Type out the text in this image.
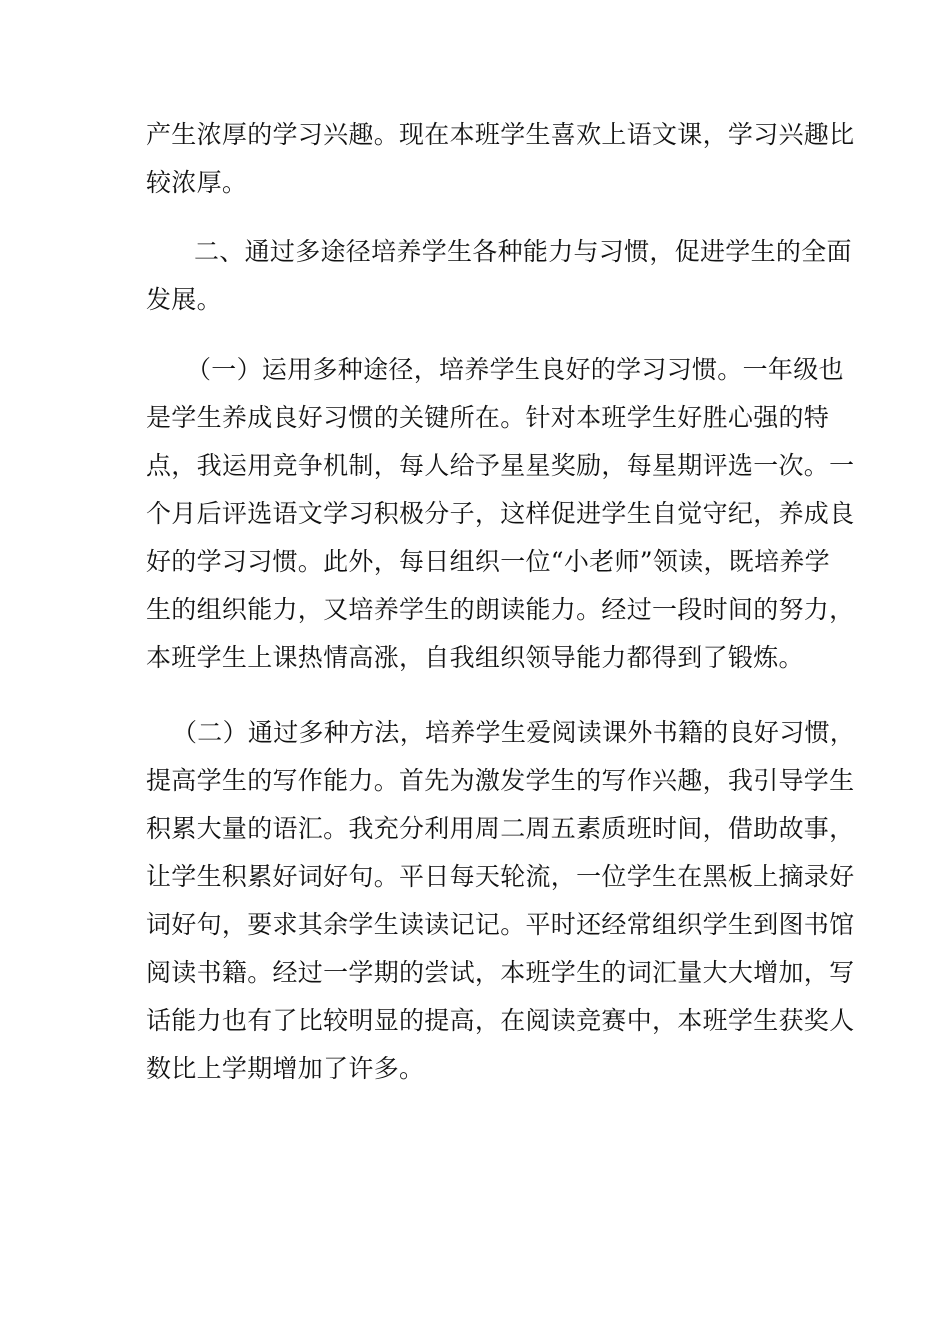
产生浓厚的学习兴趣。现在本班学生喜欢上语文课，学习兴趣比
较浓厚。

二、通过多途径培养学生各种能力与习惯，促进学生的全面
发展。

（一）运用多种途径，培养学生良好的学习习惯。一年级也
是学生养成良好习惯的关键所在。针对本班学生好胜心强的特
点，我运用竞争机制，每人给予星星奖励，每星期评选一次。一
个月后评选语文学习积极分子，这样促进学生自觉守纪，养成良
好的学习习惯。此外，每日组织一位“小老师”领读，既培养学
生的组织能力，又培养学生的朗读能力。经过一段时间的努力，
本班学生上课热情高涨，自我组织领导能力都得到了锻炼。

（二）通过多种方法，培养学生爱阅读课外书籍的良好习惯，
提高学生的写作能力。首先为激发学生的写作兴趣，我引导学生
积累大量的语汇。我充分利用周二周五素质班时间，借助故事，
让学生积累好词好句。平日每天轮流，一位学生在黑板上摘录好
词好句，要求其余学生读读记记。平时还经常组织学生到图书馆
阅读书籍。经过一学期的尝试，本班学生的词汇量大大增加，写
话能力也有了比较明显的提高，在阅读竞赛中，本班学生获奖人
数比上学期增加了许多。
